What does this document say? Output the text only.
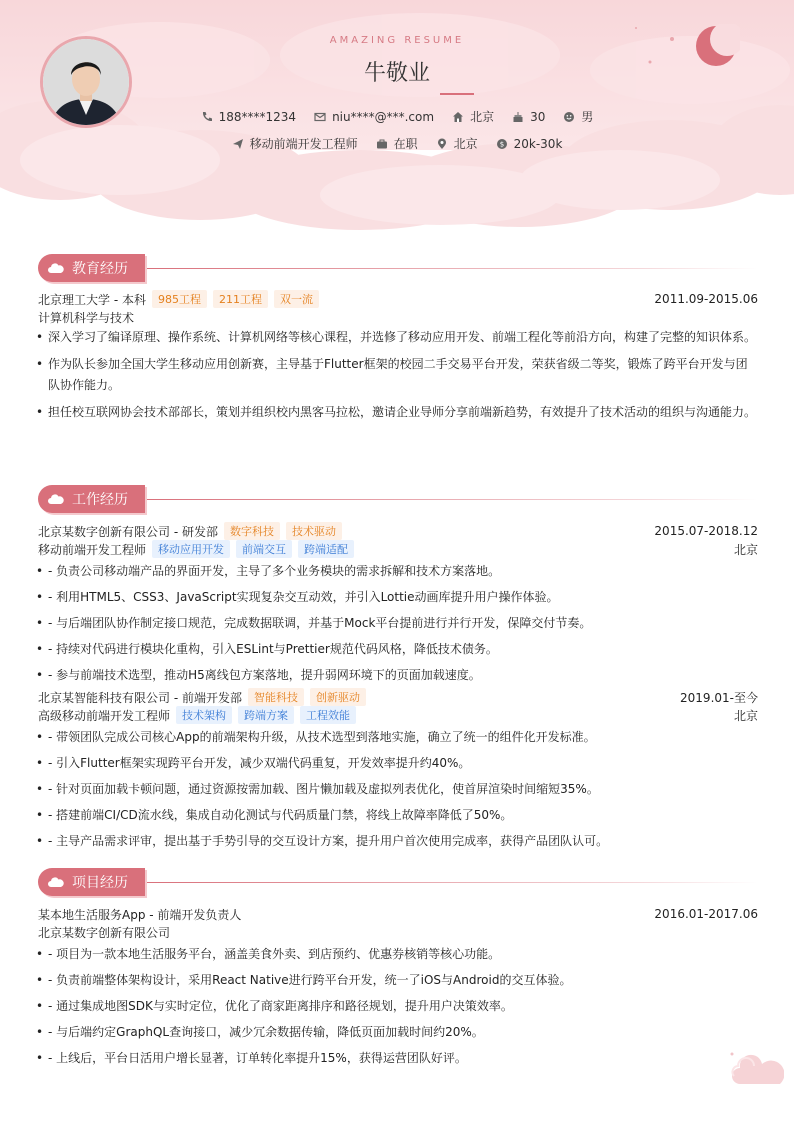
AMAZING RESUME
牛敬业
188****1234	niu****@***.com	北京	30	男
移动前端开发工程师	在职	北京	$ 20k-30k
教育经历
北京理工大学 - 本科	985工程	211工程	双一流	2011.09-2015.06
计算机科学与技术
• 深入学习了编译原理、操作系统、计算机网络等核心课程，并选修了移动应用开发、前端工程化等前沿方向，构建了完整的知识体系。
• 作为队长参加全国大学生移动应用创新赛，主导基于Flutter框架的校园二手交易平台开发，荣获省级二等奖，锻炼了跨平台开发与团队协作能力。
• 担任校互联网协会技术部部长，策划并组织校内黑客马拉松，邀请企业导师分享前端新趋势，有效提升了技术活动的组织与沟通能力。
工作经历
北京某数字创新有限公司 - 研发部	数字科技	技术驱动	2015.07-2018.12
移动前端开发工程师	移动应用开发	前端交互	跨端适配	北京
• - 负责公司移动端产品的界面开发，主导了多个业务模块的需求拆解和技术方案落地。
• - 利用HTML5、CSS3、JavaScript实现复杂交互动效，并引入Lottie动画库提升用户操作体验。
• - 与后端团队协作制定接口规范，完成数据联调，并基于Mock平台提前进行并行开发，保障交付节奏。
• - 持续对代码进行模块化重构，引入ESLint与Prettier规范代码风格，降低技术债务。
• - 参与前端技术选型，推动H5离线包方案落地，提升弱网环境下的页面加载速度。
北京某智能科技有限公司 - 前端开发部	智能科技	创新驱动	2019.01-至今
高级移动前端开发工程师	技术架构	跨端方案	工程效能	北京
• - 带领团队完成公司核心App的前端架构升级，从技术选型到落地实施，确立了统一的组件化开发标准。
• - 引入Flutter框架实现跨平台开发，减少双端代码重复，开发效率提升约40%。
• - 针对页面加载卡顿问题，通过资源按需加载、图片懒加载及虚拟列表优化，使首屏渲染时间缩短35%。
• - 搭建前端CI/CD流水线，集成自动化测试与代码质量门禁，将线上故障率降低了50%。
• - 主导产品需求评审，提出基于手势引导的交互设计方案，提升用户首次使用完成率，获得产品团队认可。
项目经历
某本地生活服务App - 前端开发负责人	2016.01-2017.06
北京某数字创新有限公司
• - 项目为一款本地生活服务平台，涵盖美食外卖、到店预约、优惠券核销等核心功能。
• - 负责前端整体架构设计，采用React Native进行跨平台开发，统一了iOS与Android的交互体验。
• - 通过集成地图SDK与实时定位，优化了商家距离排序和路径规划，提升用户决策效率。
• - 与后端约定GraphQL查询接口，减少冗余数据传输，降低页面加载时间约20%。
• - 上线后，平台日活用户增长显著，订单转化率提升15%，获得运营团队好评。
